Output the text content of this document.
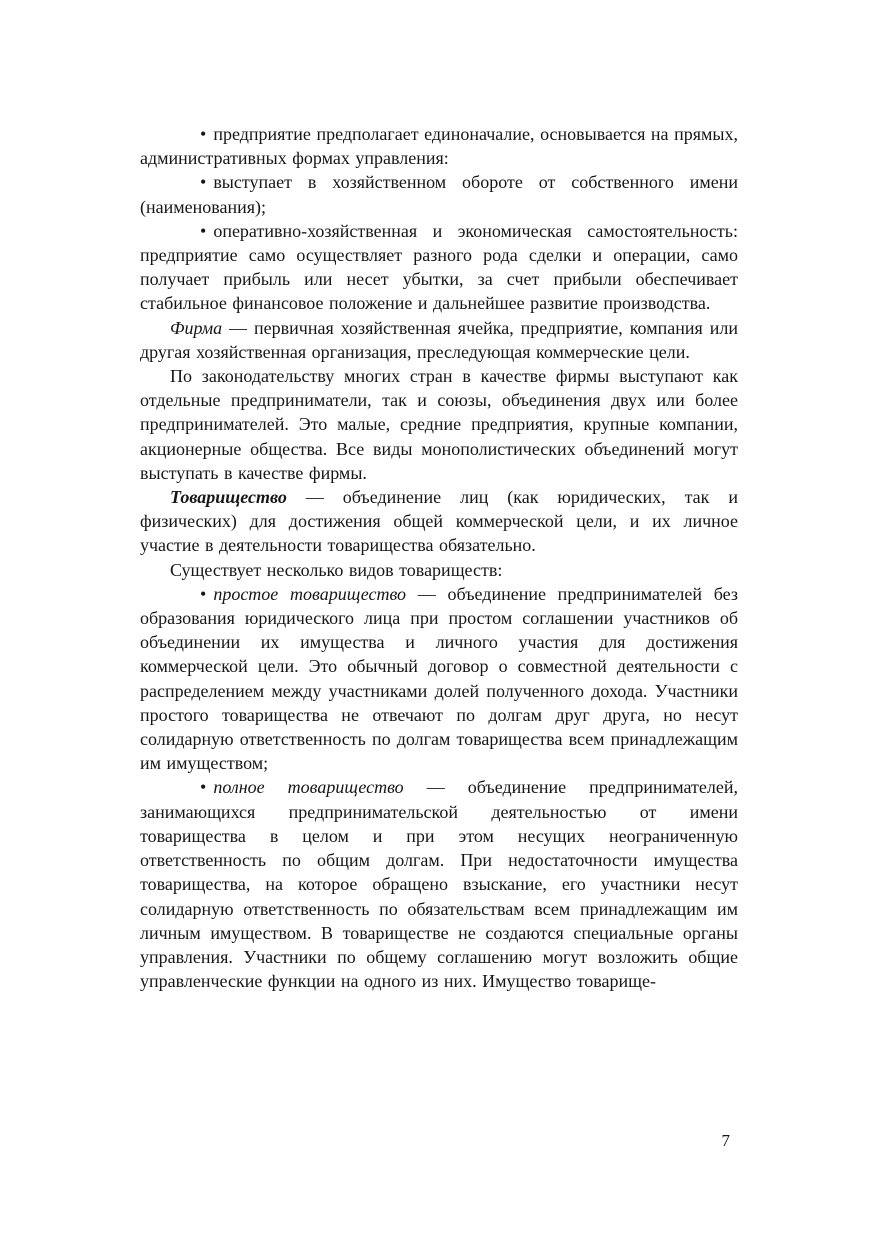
• предприятие предполагает единоначалие, основывается на прямых, административных формах управления:

• выступает в хозяйственном обороте от собственного имени (наименования);

• оперативно-хозяйственная и экономическая самостоятельность: предприятие само осуществляет разного рода сделки и операции, само получает прибыль или несет убытки, за счет прибыли обеспечивает стабильное финансовое положение и дальнейшее развитие производства.

Фирма — первичная хозяйственная ячейка, предприятие, компания или другая хозяйственная организация, преследующая коммерческие цели.

По законодательству многих стран в качестве фирмы выступают как отдельные предприниматели, так и союзы, объединения двух или более предпринимателей. Это малые, средние предприятия, крупные компании, акционерные общества. Все виды монополистических объединений могут выступать в качестве фирмы.

Товарищество — объединение лиц (как юридических, так и физических) для достижения общей коммерческой цели, и их личное участие в деятельности товарищества обязательно.

Существует несколько видов товариществ:

• простое товарищество — объединение предпринимателей без образования юридического лица при простом соглашении участников об объединении их имущества и личного участия для достижения коммерческой цели. Это обычный договор о совместной деятельности с распределением между участниками долей полученного дохода. Участники простого товарищества не отвечают по долгам друг друга, но несут солидарную ответственность по долгам товарищества всем принадлежащим им имуществом;

• полное товарищество — объединение предпринимателей, занимающихся предпринимательской деятельностью от имени товарищества в целом и при этом несущих неограниченную ответственность по общим долгам. При недостаточности имущества товарищества, на которое обращено взыскание, его участники несут солидарную ответственность по обязательствам всем принадлежащим им личным имуществом. В товариществе не создаются специальные органы управления. Участники по общему соглашению могут возложить общие управленческие функции на одного из них. Имущество товарище-

7
